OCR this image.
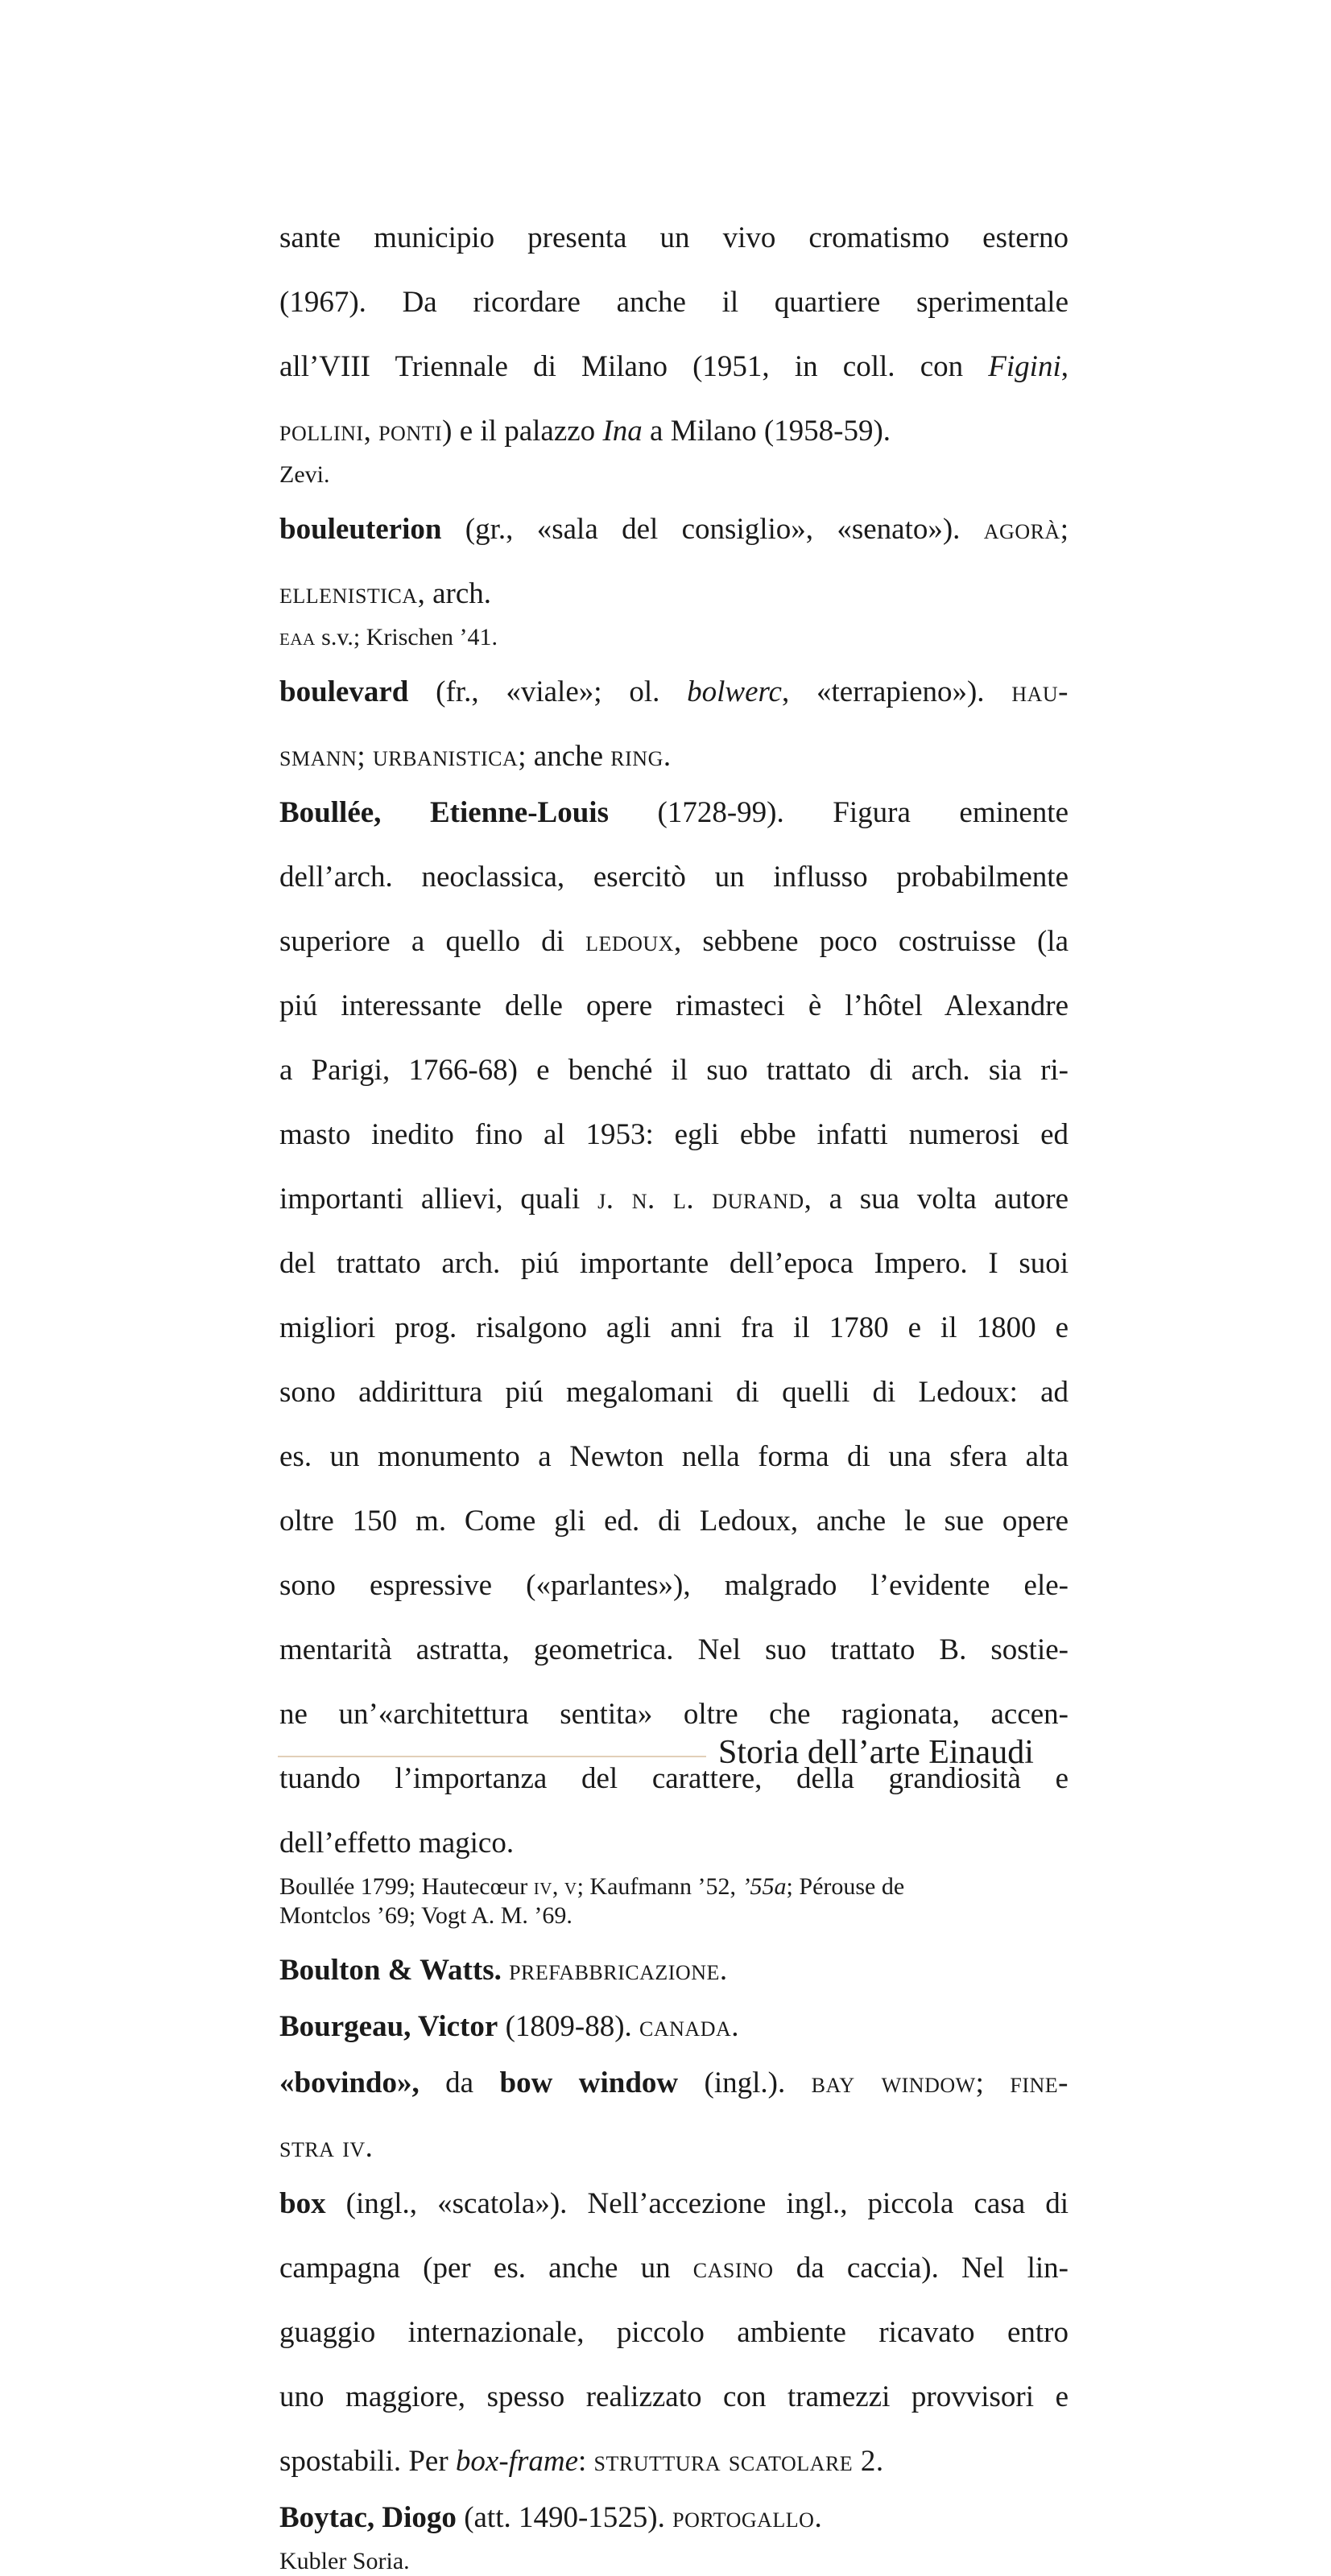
sante municipio presenta un vivo cromatismo esterno

(1967). Da ricordare anche il quartiere sperimentale

all’VIII Triennale di Milano (1951, in coll. con Figini,

pollini, ponti) e il palazzo Ina a Milano (1958-59).

Zevi.

bouleuterion (gr., «sala del consiglio», «senato»). agorà;

ellenistica, arch.

eaa s.v.; Krischen ’41.

boulevard (fr., «viale»; ol. bolwerc, «terrapieno»). hau-

smann; urbanistica; anche ring.

Boullée, Etienne-Louis (1728-99). Figura eminente

dell’arch. neoclassica, esercitò un influsso probabilmente

superiore a quello di ledoux, sebbene poco costruisse (la

piú interessante delle opere rimasteci è l’hôtel Alexandre

a Parigi, 1766-68) e benché il suo trattato di arch. sia ri-

masto inedito fino al 1953: egli ebbe infatti numerosi ed

importanti allievi, quali j. n. l. durand, a sua volta autore

del trattato arch. piú importante dell’epoca Impero. I suoi

migliori prog. risalgono agli anni fra il 1780 e il 1800 e

sono addirittura piú megalomani di quelli di Ledoux: ad

es. un monumento a Newton nella forma di una sfera alta

oltre 150 m. Come gli ed. di Ledoux, anche le sue opere

sono espressive («parlantes»), malgrado l’evidente ele-

mentarità astratta, geometrica. Nel suo trattato B. sostie-

ne un’«architettura sentita» oltre che ragionata, accen-

tuando l’importanza del carattere, della grandiosità e

dell’effetto magico.

Boullée 1799; Hautecœur iv, v; Kaufmann ’52, ’55a; Pérouse de
Montclos ’69; Vogt A. M. ’69.

Boulton & Watts. prefabbricazione.

Bourgeau, Victor (1809-88). canada.

«bovindo», da bow window (ingl.). bay window; fine-

stra iv.

box (ingl., «scatola»). Nell’accezione ingl., piccola casa di

campagna (per es. anche un casino da caccia). Nel lin-

guaggio internazionale, piccolo ambiente ricavato entro

uno maggiore, spesso realizzato con tramezzi provvisori e

spostabili. Per box-frame: struttura scatolare 2.

Boytac, Diogo (att. 1490-1525). portogallo.

Kubler Soria.

Storia dell’arte Einaudi
